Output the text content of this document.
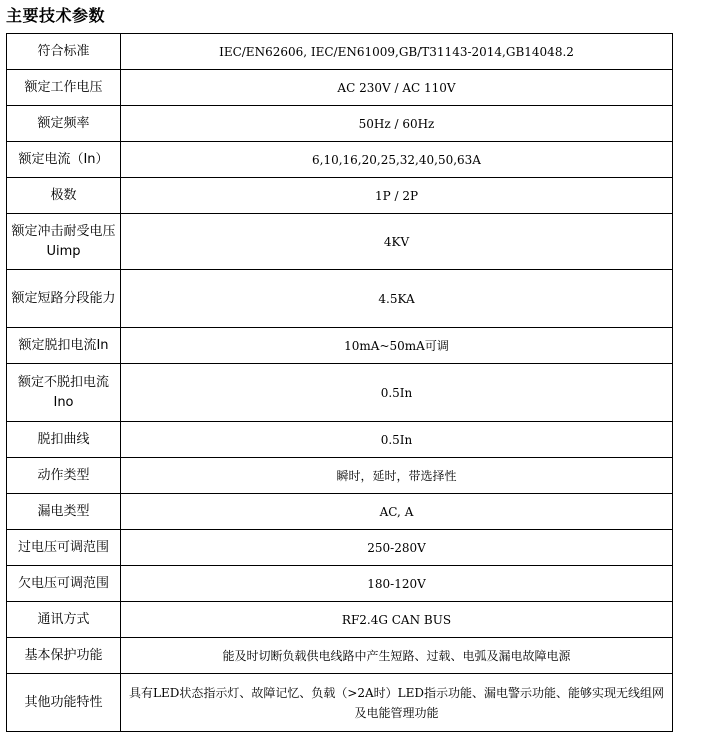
主要技术参数
符合标准	IEC/EN62606, IEC/EN61009,GB/T31143-2014,GB14048.2
额定工作电压	AC 230V / AC 110V
额定频率	50Hz / 60Hz
额定电流（In）	6,10,16,20,25,32,40,50,63A
极数	1P / 2P
额定冲击耐受电压Uimp	4KV
额定短路分段能力	4.5KA
额定脱扣电流In	10mA~50mA可调
额定不脱扣电流Ino	0.5In
脱扣曲线	0.5In
动作类型	瞬时，延时，带选择性
漏电类型	AC, A
过电压可调范围	250-280V
欠电压可调范围	180-120V
通讯方式	RF2.4G CAN BUS
基本保护功能	能及时切断负载供电线路中产生短路、过载、电弧及漏电故障电源
其他功能特性	具有LED状态指示灯、故障记忆、负载（>2A时）LED指示功能、漏电警示功能、能够实现无线组网及电能管理功能
